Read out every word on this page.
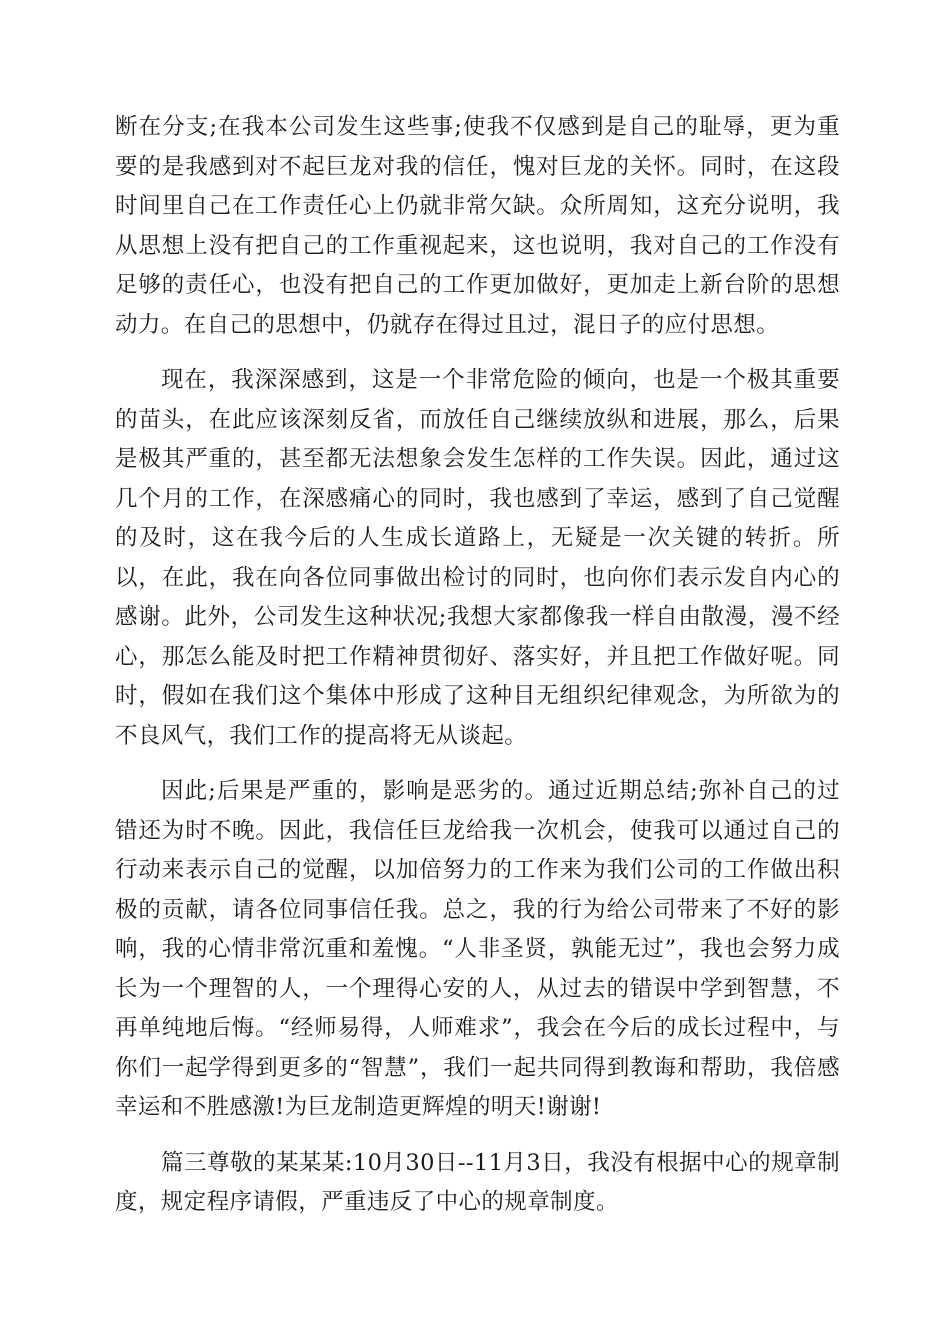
断在分支;在我本公司发生这些事;使我不仅感到是自己的耻辱，更为重要的是我感到对不起巨龙对我的信任，愧对巨龙的关怀。同时，在这段时间里自己在工作责任心上仍就非常欠缺。众所周知，这充分说明，我从思想上没有把自己的工作重视起来，这也说明，我对自己的工作没有足够的责任心，也没有把自己的工作更加做好，更加走上新台阶的思想动力。在自己的思想中，仍就存在得过且过，混日子的应付思想。

现在，我深深感到，这是一个非常危险的倾向，也是一个极其重要的苗头，在此应该深刻反省，而放任自己继续放纵和进展，那么，后果是极其严重的，甚至都无法想象会发生怎样的工作失误。因此，通过这几个月的工作，在深感痛心的同时，我也感到了幸运，感到了自己觉醒的及时，这在我今后的人生成长道路上，无疑是一次关键的转折。所以，在此，我在向各位同事做出检讨的同时，也向你们表示发自内心的感谢。此外，公司发生这种状况;我想大家都像我一样自由散漫，漫不经心，那怎么能及时把工作精神贯彻好、落实好，并且把工作做好呢。同时，假如在我们这个集体中形成了这种目无组织纪律观念，为所欲为的不良风气，我们工作的提高将无从谈起。

因此;后果是严重的，影响是恶劣的。通过近期总结;弥补自己的过错还为时不晚。因此，我信任巨龙给我一次机会，使我可以通过自己的行动来表示自己的觉醒，以加倍努力的工作来为我们公司的工作做出积极的贡献，请各位同事信任我。总之，我的行为给公司带来了不好的影响，我的心情非常沉重和羞愧。“人非圣贤，孰能无过”，我也会努力成长为一个理智的人，一个理得心安的人，从过去的错误中学到智慧，不再单纯地后悔。“经师易得，人师难求”，我会在今后的成长过程中，与你们一起学得到更多的“智慧”，我们一起共同得到教诲和帮助，我倍感幸运和不胜感激!为巨龙制造更辉煌的明天!谢谢!

篇三尊敬的某某某:10月30日--11月3日，我没有根据中心的规章制度，规定程序请假，严重违反了中心的规章制度。
